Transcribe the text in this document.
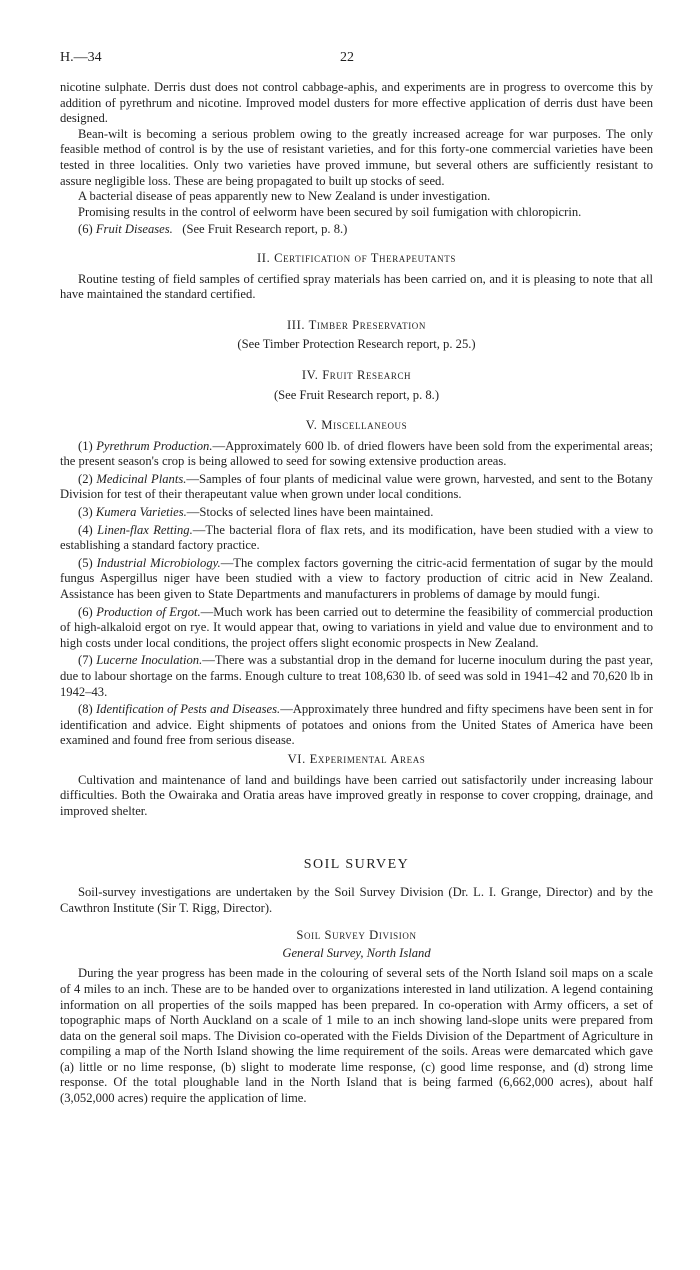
H.—34	22

nicotine sulphate. Derris dust does not control cabbage-aphis, and experiments are in progress to overcome this by addition of pyrethrum and nicotine. Improved model dusters for more effective application of derris dust have been designed.

Bean-wilt is becoming a serious problem owing to the greatly increased acreage for war purposes. The only feasible method of control is by the use of resistant varieties, and for this forty-one commercial varieties have been tested in three localities. Only two varieties have proved immune, but several others are sufficiently resistant to assure negligible loss. These are being propagated to built up stocks of seed.

A bacterial disease of peas apparently new to New Zealand is under investigation.

Promising results in the control of eelworm have been secured by soil fumigation with chloropicrin.

(6) Fruit Diseases. (See Fruit Research report, p. 8.)

II. Certification of Therapeutants

Routine testing of field samples of certified spray materials has been carried on, and it is pleasing to note that all have maintained the standard certified.

III. Timber Preservation

(See Timber Protection Research report, p. 25.)

IV. Fruit Research

(See Fruit Research report, p. 8.)

V. Miscellaneous

(1) Pyrethrum Production.—Approximately 600 lb. of dried flowers have been sold from the experimental areas; the present season's crop is being allowed to seed for sowing extensive production areas.

(2) Medicinal Plants.—Samples of four plants of medicinal value were grown, harvested, and sent to the Botany Division for test of their therapeutant value when grown under local conditions.

(3) Kumera Varieties.—Stocks of selected lines have been maintained.

(4) Linen-flax Retting.—The bacterial flora of flax rets, and its modification, have been studied with a view to establishing a standard factory practice.

(5) Industrial Microbiology.—The complex factors governing the citric-acid fermentation of sugar by the mould fungus Aspergillus niger have been studied with a view to factory production of citric acid in New Zealand. Assistance has been given to State Departments and manufacturers in problems of damage by mould fungi.

(6) Production of Ergot.—Much work has been carried out to determine the feasibility of commercial production of high-alkaloid ergot on rye. It would appear that, owing to variations in yield and value due to environment and to high costs under local conditions, the project offers slight economic prospects in New Zealand.

(7) Lucerne Inoculation.—There was a substantial drop in the demand for lucerne inoculum during the past year, due to labour shortage on the farms. Enough culture to treat 108,630 lb. of seed was sold in 1941–42 and 70,620 lb in 1942–43.

(8) Identification of Pests and Diseases.—Approximately three hundred and fifty specimens have been sent in for identification and advice. Eight shipments of potatoes and onions from the United States of America have been examined and found free from serious disease.

VI. Experimental Areas

Cultivation and maintenance of land and buildings have been carried out satisfactorily under increasing labour difficulties. Both the Owairaka and Oratia areas have improved greatly in response to cover cropping, drainage, and improved shelter.

SOIL SURVEY

Soil-survey investigations are undertaken by the Soil Survey Division (Dr. L. I. Grange, Director) and by the Cawthron Institute (Sir T. Rigg, Director).

Soil Survey Division

General Survey, North Island

During the year progress has been made in the colouring of several sets of the North Island soil maps on a scale of 4 miles to an inch. These are to be handed over to organizations interested in land utilization. A legend containing information on all properties of the soils mapped has been prepared. In co-operation with Army officers, a set of topographic maps of North Auckland on a scale of 1 mile to an inch showing land-slope units were prepared from data on the general soil maps. The Division co-operated with the Fields Division of the Department of Agriculture in compiling a map of the North Island showing the lime requirement of the soils. Areas were demarcated which gave (a) little or no lime response, (b) slight to moderate lime response, (c) good lime response, and (d) strong lime response. Of the total ploughable land in the North Island that is being farmed (6,662,000 acres), about half (3,052,000 acres) require the application of lime.
